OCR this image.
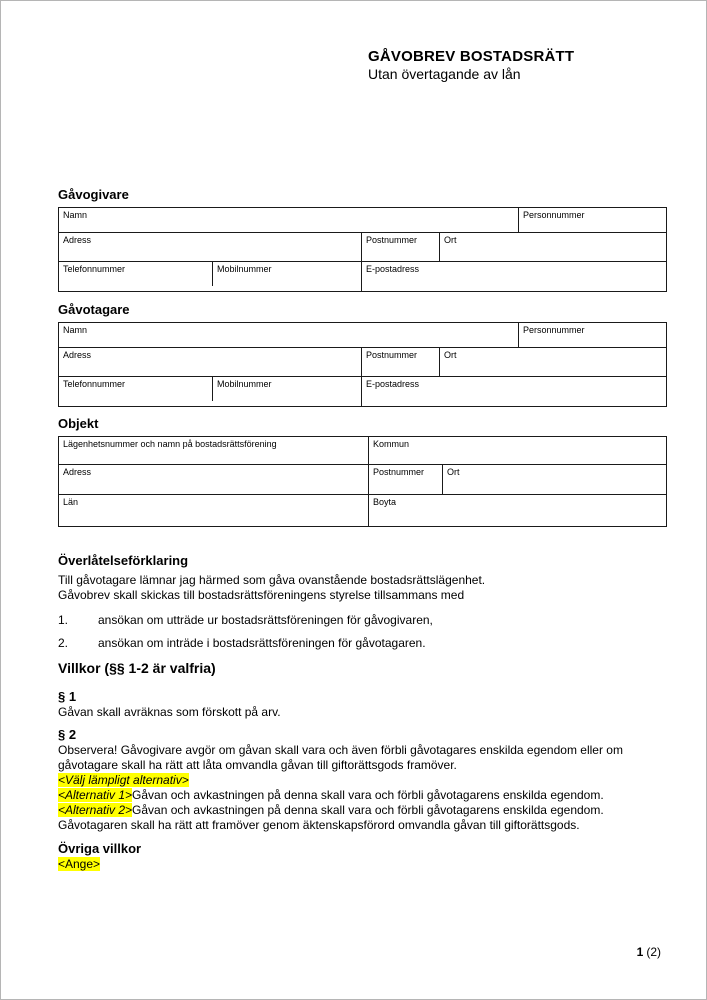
GÅVOBREV BOSTADSRÄTT
Utan övertagande av lån
Gåvogivare
Namn	Personnummer
Adress	Postnummer	Ort
Telefonnummer	Mobilnummer	E-postadress
Gåvotagare
Namn	Personnummer
Adress	Postnummer	Ort
Telefonnummer	Mobilnummer	E-postadress
Objekt
Lägenhetsnummer och namn på bostadsrättsförening	Kommun
Adress	Postnummer	Ort
Län	Boyta
Överlåtelseförklaring
Till gåvotagare lämnar jag härmed som gåva ovanstående bostadsrättslägenhet.
Gåvobrev skall skickas till bostadsrättsföreningens styrelse tillsammans med
1.	ansökan om utträde ur bostadsrättsföreningen för gåvogivaren,
2.	ansökan om inträde i bostadsrättsföreningen för gåvotagaren.
Villkor (§§ 1-2 är valfria)
§ 1
Gåvan skall avräknas som förskott på arv.
§ 2
Observera! Gåvogivare avgör om gåvan skall vara och även förbli gåvotagares enskilda egendom eller om gåvotagare skall ha rätt att låta omvandla gåvan till giftorättsgods framöver.
<Välj lämpligt alternativ>
<Alternativ 1>Gåvan och avkastningen på denna skall vara och förbli gåvotagarens enskilda egendom.
<Alternativ 2>Gåvan och avkastningen på denna skall vara och förbli gåvotagarens enskilda egendom. Gåvotagaren skall ha rätt att framöver genom äktenskapsförord omvandla gåvan till giftorättsgods.
Övriga villkor
<Ange>
1 (2)
